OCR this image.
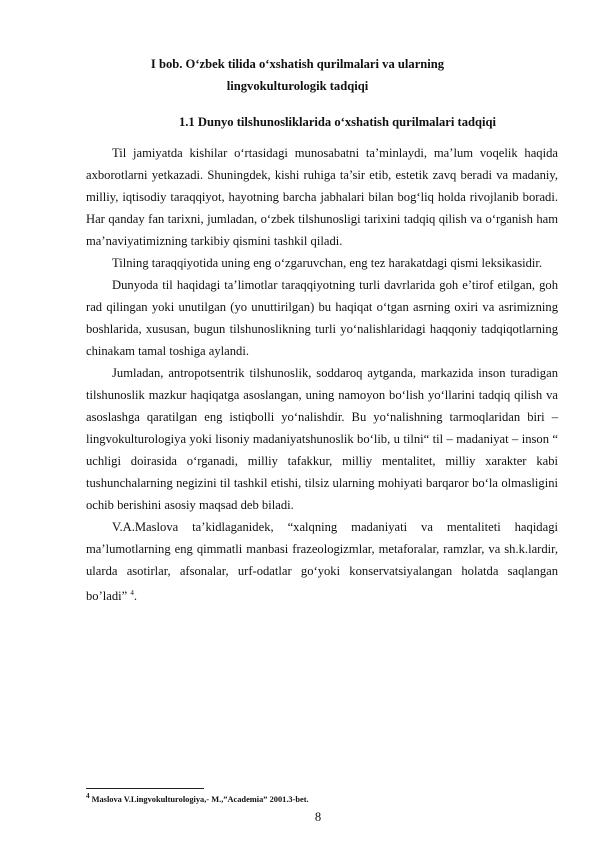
I bob. O‘zbek tilida o‘xshatish qurilmalari va ularning
lingvokulturologik tadqiqi
1.1 Dunyo tilshunosliklarida o‘xshatish qurilmalari tadqiqi

Til jamiyatda kishilar o‘rtasidagi munosabatni ta’minlaydi, ma’lum voqelik haqida axborotlarni yetkazadi. Shuningdek, kishi ruhiga ta’sir etib, estetik zavq beradi va madaniy, milliy, iqtisodiy taraqqiyot, hayotning barcha jabhalari bilan bog‘liq holda rivojlanib boradi. Har qanday fan tarixni, jumladan, o‘zbek tilshunosligi tarixini tadqiq qilish va o‘rganish ham ma’naviyatimizning tarkibiy qismini tashkil qiladi.

Tilning taraqqiyotida uning eng o‘zgaruvchan, eng tez harakatdagi qismi leksikasidir.

Dunyoda til haqidagi ta’limotlar taraqqiyotning turli davrlarida goh e’tirof etilgan, goh rad qilingan yoki unutilgan (yo unuttirilgan) bu haqiqat o‘tgan asrning oxiri va asrimizning boshlarida, xususan, bugun tilshunoslikning turli yo‘nalishlaridagi haqqoniy tadqiqotlarning chinakam tamal toshiga aylandi.

Jumladan, antropotsentrik tilshunoslik, soddaroq aytganda, markazida inson turadigan tilshunoslik mazkur haqiqatga asoslangan, uning namoyon bo‘lish yo‘llarini tadqiq qilish va asoslashga qaratilgan eng istiqbolli yo‘nalishdir. Bu yo‘nalishning tarmoqlaridan biri – lingvokulturologiya yoki lisoniy madaniyatshunoslik bo‘lib, u tilni“ til – madaniyat – inson “ uchligi doirasida o‘rganadi, milliy tafakkur, milliy mentalitet, milliy xarakter kabi tushunchalarning negizini til tashkil etishi, tilsiz ularning mohiyati barqaror bo‘la olmasligini ochib berishini asosiy maqsad deb biladi.

V.A.Maslova ta’kidlaganidek, “xalqning madaniyati va mentaliteti haqidagi ma’lumotlarning eng qimmatli manbasi frazeologizmlar, metaforalar, ramzlar, va sh.k.lardir, ularda asotirlar, afsonalar, urf-odatlar go‘yoki konservatsiyalangan holatda saqlangan bo’ladi” $^4$.

$^4$ Maslova V.Lingvokulturologiya,- M.,”Academia” 2001.3-bet.
8
